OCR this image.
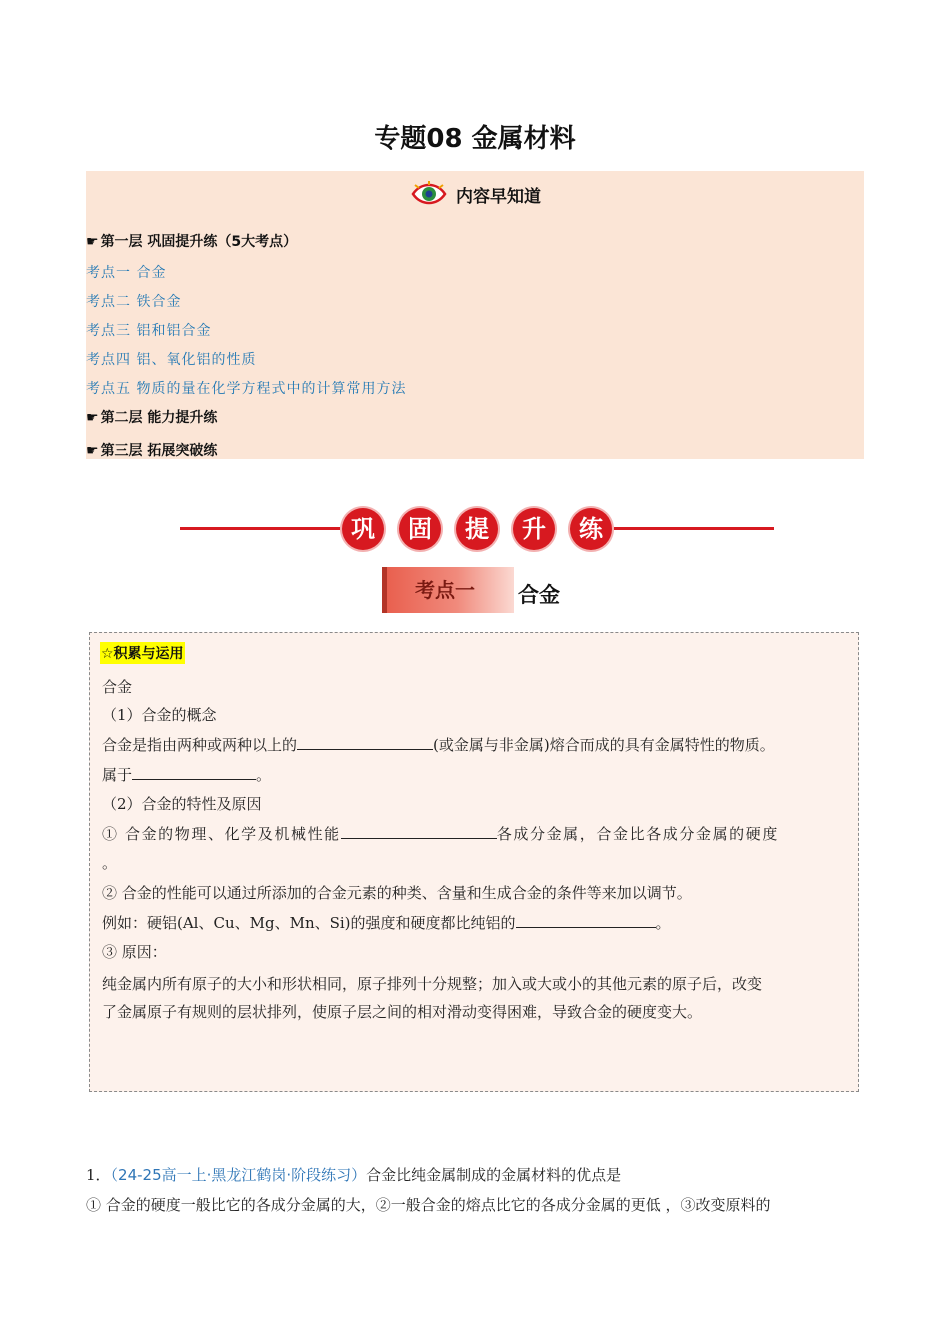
专题08 金属材料
内容早知道
☛ 第一层 巩固提升练（5大考点）
考点一 合金
考点二 铁合金
考点三 铝和铝合金
考点四 铝、氧化铝的性质
考点五 物质的量在化学方程式中的计算常用方法
☛ 第二层 能力提升练
☛ 第三层 拓展突破练
巩	固	提	升	练
考点一	合金
☆积累与运用
合金
（1）合金的概念
合金是指由两种或两种以上的	(或金属与非金属)熔合而成的具有金属特性的物质。
属于	。
（2）合金的特性及原因
① 合金的物理、化学及机械性能	各成分金属，合金比各成分金属的硬度
。
② 合金的性能可以通过所添加的合金元素的种类、含量和生成合金的条件等来加以调节。
例如：硬铝(Al、Cu、Mg、Mn、Si)的强度和硬度都比纯铝的	。
③ 原因：
纯金属内所有原子的大小和形状相同，原子排列十分规整；加入或大或小的其他元素的原子后，改变
了金属原子有规则的层状排列，使原子层之间的相对滑动变得困难，导致合金的硬度变大。
1．（24-25高一上·黑龙江鹤岗·阶段练习）合金比纯金属制成的金属材料的优点是
① 合金的硬度一般比它的各成分金属的大，②一般合金的熔点比它的各成分金属的更低 ，③改变原料的
